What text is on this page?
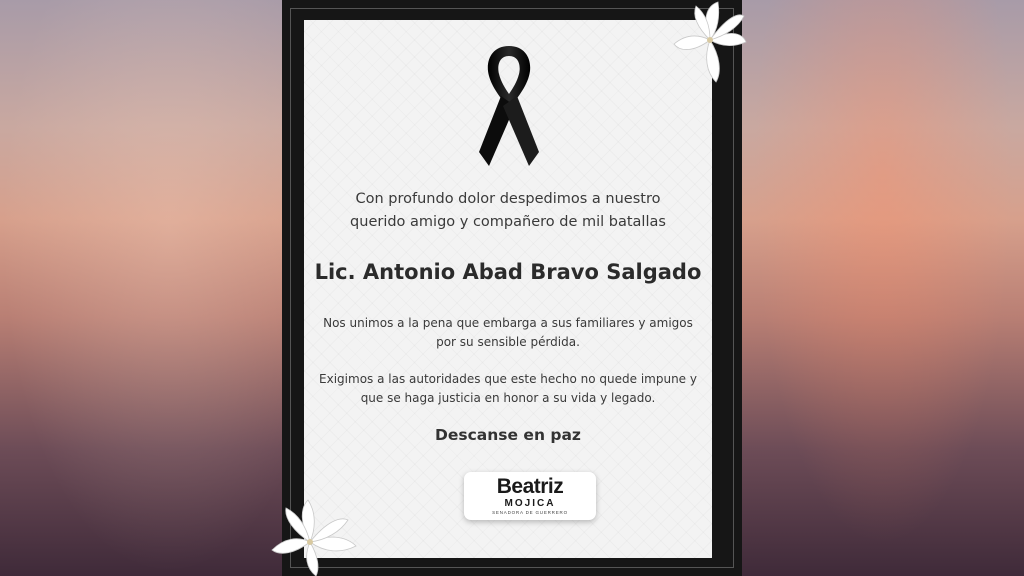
Con profundo dolor despedimos a nuestro
querido amigo y compañero de mil batallas
Lic. Antonio Abad Bravo Salgado
Nos unimos a la pena que embarga a sus familiares y amigos
por su sensible pérdida.
Exigimos a las autoridades que este hecho no quede impune y
que se haga justicia en honor a su vida y legado.
Descanse en paz
Beatriz
MOJICA
SENADORA DE GUERRERO
